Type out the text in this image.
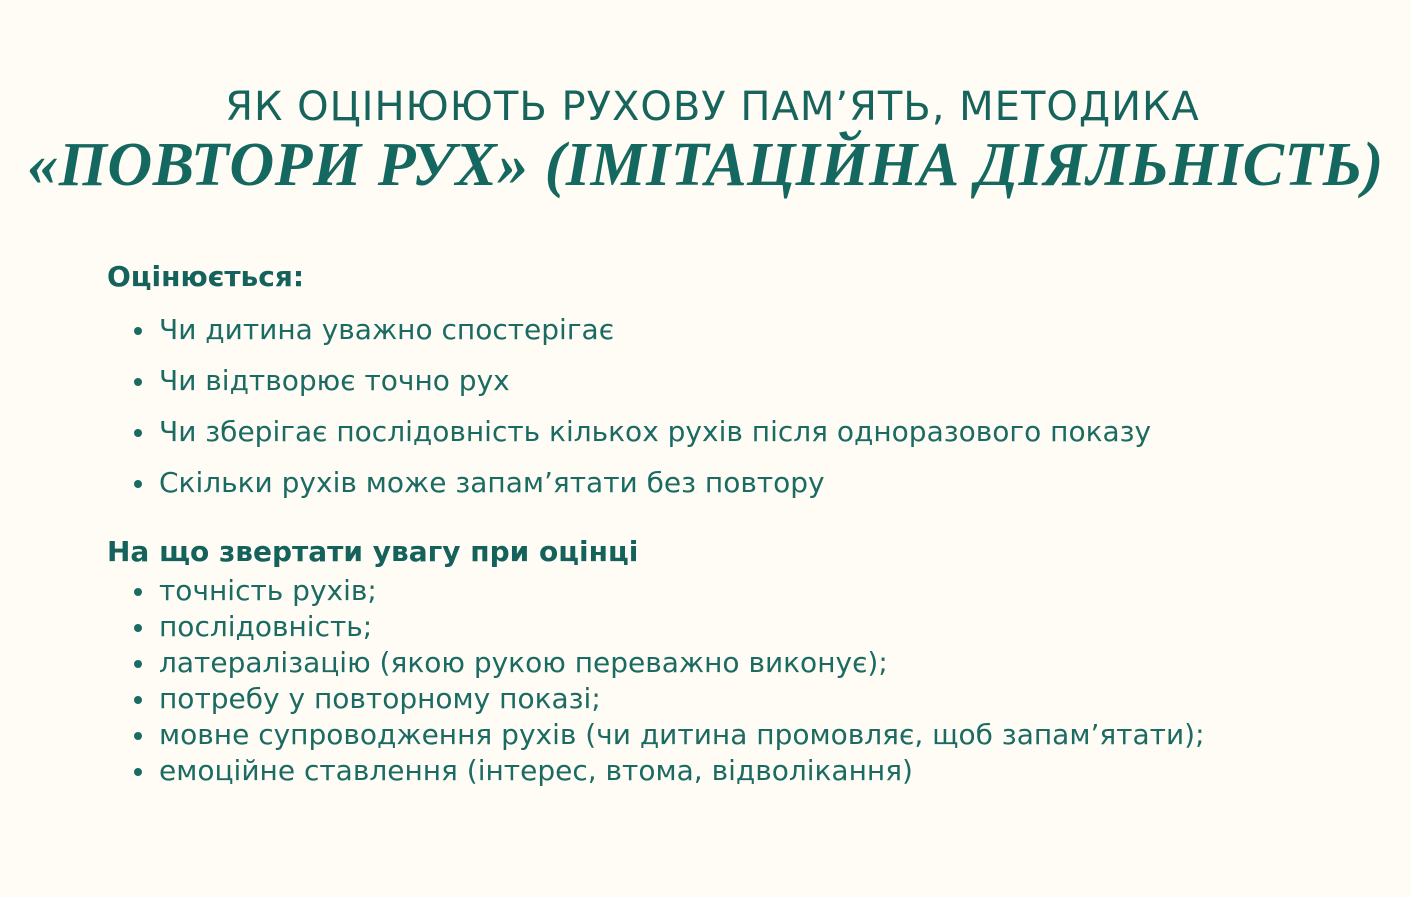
ЯК ОЦІНЮЮТЬ РУХОВУ ПАМ’ЯТЬ, МЕТОДИКА
«ПОВТОРИ РУХ» (ІМІТАЦІЙНА ДІЯЛЬНІСТЬ)
Оцінюється:
Чи дитина уважно спостерігає
Чи відтворює точно рух
Чи зберігає послідовність кількох рухів після одноразового показу
Скільки рухів може запам’ятати без повтору
На що звертати увагу при оцінці
точність рухів;
послідовність;
латералізацію (якою рукою переважно виконує);
потребу у повторному показі;
мовне супроводження рухів (чи дитина промовляє, щоб запам’ятати);
емоційне ставлення (інтерес, втома, відволікання)
